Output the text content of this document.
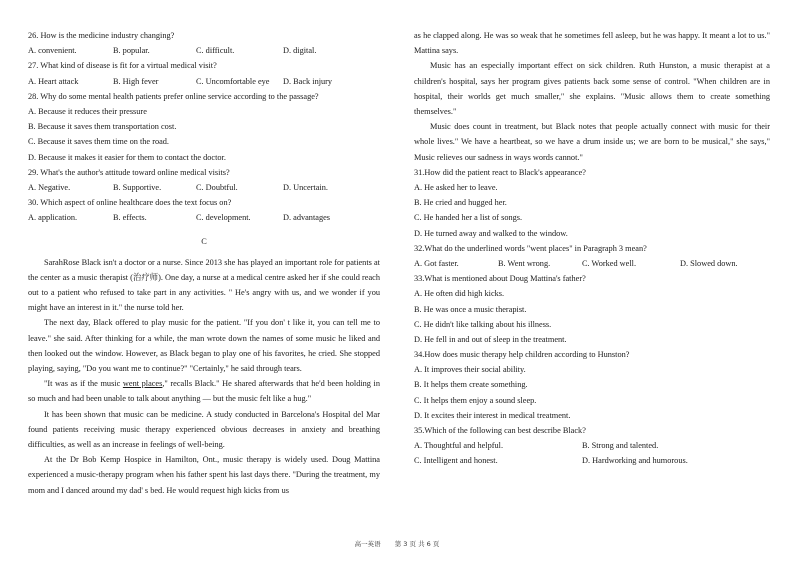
26. How is the medicine industry changing?
A. convenient.	B. popular.	C. difficult.	D. digital.
27. What kind of disease is fit for a virtual medical visit?
A. Heart attack	B. High fever	C. Uncomfortable eye D. Back injury
28. Why do some mental health patients prefer online service according to the passage?
A. Because it reduces their pressure
B. Because it saves them transportation cost.
C. Because it saves them time on the road.
D. Because it makes it easier for them to contact the doctor.
29. What's the author's attitude toward online medical visits?
A. Negative.	B. Supportive.	C. Doubtful.	D. Uncertain.
30. Which aspect of online healthcare does the text focus on?
A. application.	B. effects.	C. development.	D. advantages
C
SarahRose Black isn't a doctor or a nurse. Since 2013 she has played an important role for patients at the center as a music therapist (治疗师). One day, a nurse at a medical centre asked her if she could reach out to a patient who refused to take part in any activities. " He's angry with us, and we wonder if you might have an interest in it." the nurse told her.
The next day, Black offered to play music for the patient. "If you don' t like it, you can tell me to leave." she said. After thinking for a while, the man wrote down the names of some music he liked and then looked out the window. However, as Black began to play one of his favorites, he cried. She stopped playing, saying, "Do you want me to continue?" "Certainly," he said through tears.
"It was as if the music went places," recalls Black." He shared afterwards that he'd been holding in so much and had been unable to talk about anything — but the music felt like a hug."
It has been shown that music can be medicine. A study conducted in Barcelona's Hospital del Mar found patients receiving music therapy experienced obvious decreases in anxiety and breathing difficulties, as well as an increase in feelings of well-being.
At the Dr Bob Kemp Hospice in Hamilton, Ont., music therapy is widely used. Doug Mattina experienced a music-therapy program when his father spent his last days there. "During the treatment, my mom and I danced around my dad' s bed. He would request high kicks from us
as he clapped along. He was so weak that he sometimes fell asleep, but he was happy. It meant a lot to us." Mattina says.
Music has an especially important effect on sick children. Ruth Hunston, a music therapist at a children's hospital, says her program gives patients back some sense of control. "When children are in hospital, their worlds get much smaller," she explains. "Music allows them to create something themselves."
Music does count in treatment, but Black notes that people actually connect with music for their whole lives." We have a heartbeat, so we have a drum inside us; we are born to be musical," she says," Music relieves our sadness in ways words cannot."
31.How did the patient react to Black's appearance?
A. He asked her to leave.
B. He cried and hugged her.
C. He handed her a list of songs.
D. He turned away and walked to the window.
32.What do the underlined words "went places" in Paragraph 3 mean?
A. Got faster.	B. Went wrong.	C. Worked well.	D. Slowed down.
33.What is mentioned about Doug Mattina's father?
A. He often did high kicks.
B. He was once a music therapist.
C. He didn't like talking about his illness.
D. He fell in and out of sleep in the treatment.
34.How does music therapy help children according to Hunston?
A. It improves their social ability.
B. It helps them create something.
C. It helps them enjoy a sound sleep.
D. It excites their interest in medical treatment.
35.Which of the following can best describe Black?
A. Thoughtful and helpful.	B. Strong and talented.
C. Intelligent and honest.	D. Hardworking and humorous.
高一英语 第 3 页 共 6 页
